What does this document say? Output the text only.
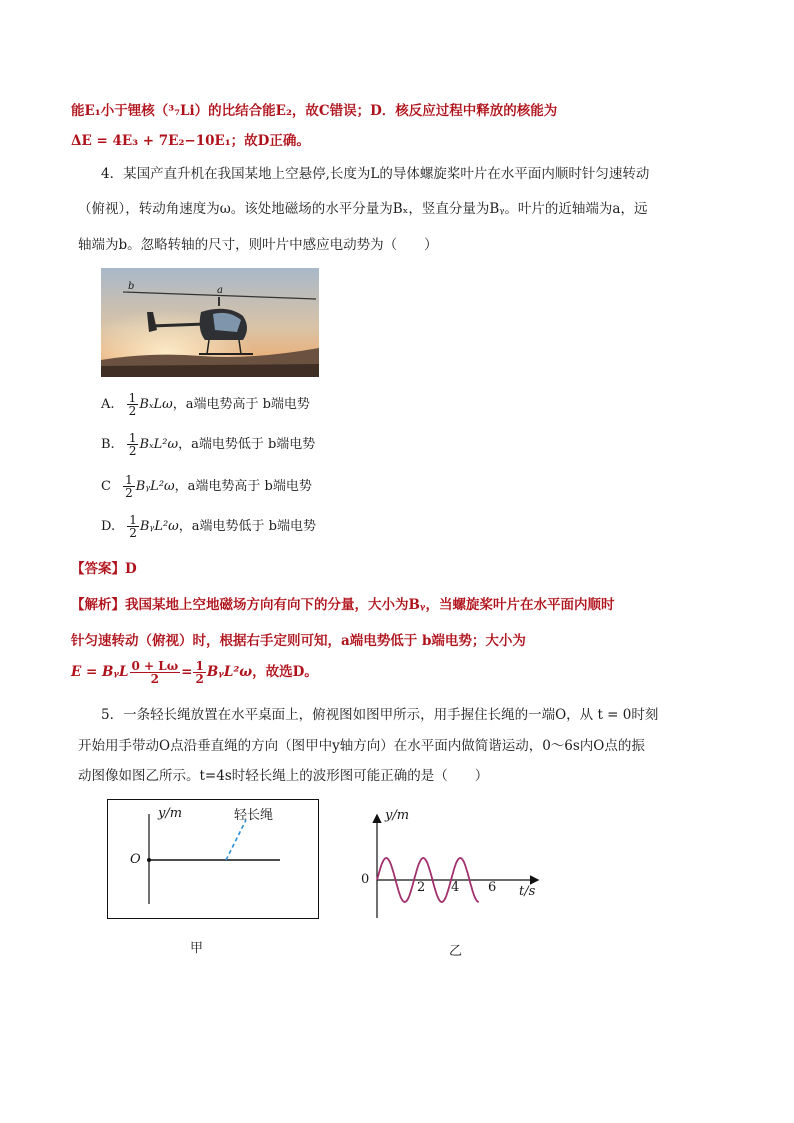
能E₁小于锂核（³₇Li）的比结合能E₂，故C错误；D．核反应过程中释放的核能为
ΔE = 4E₃ + 7E₂−10E₁；故D正确。
4．某国产直升机在我国某地上空悬停,长度为L的导体螺旋桨叶片在水平面内顺时针匀速转动
（俯视），转动角速度为ω。该处地磁场的水平分量为Bₓ，竖直分量为Bᵧ。叶片的近轴端为a，远
轴端为b。忽略转轴的尺寸，则叶片中感应电动势为（　　）
b	a
A. $\frac{1}{2}$ BₓLω，a端电势高于 b端电势
B. $\frac{1}{2} B_xL^2\omega$，a端电势低于 b端电势
C $\frac{1}{2}$ BᵧL²ω，a端电势高于 b端电势
D. $\frac{1}{2}$ BᵧL²ω，a端电势低于 b端电势
【答案】D
【解析】我国某地上空地磁场方向有向下的分量，大小为Bᵧ，当螺旋桨叶片在水平面内顺时
针匀速转动（俯视）时，根据右手定则可知，a端电势低于 b端电势；大小为
E = BᵧL $\frac{0 + L\omega}{2} = \frac{1}{2}$ BᵧL²ω，故选D。
5．一条轻长绳放置在水平桌面上，俯视图如图甲所示，用手握住长绳的一端O，从 t = 0时刻
开始用手带动O点沿垂直绳的方向（图甲中y轴方向）在水平面内做简谐运动，0～6s内O点的振
动图像如图乙所示。t=4s时轻长绳上的波形图可能正确的是（　　）
y/m
O
轻长绳
甲
y/m
0
2 4 6 t/s
乙
